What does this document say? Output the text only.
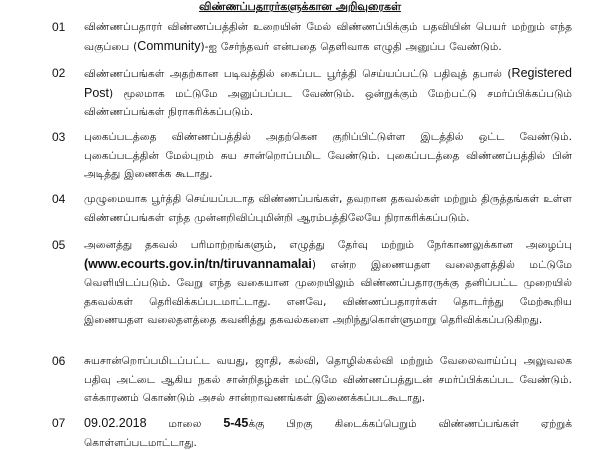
விண்ணப்பதாரர்களுக்கான அறிவுரைகள்
01 விண்ணப்பதாரர் விண்ணப்பத்தின் உறையின் மேல் விண்ணப்பிக்கும் பதவியின் பெயர் மற்றும் எந்த வகுப்பை (Community)-ஐ சேர்ந்தவர் என்பதை தெளிவாக எழுதி அனுப்ப வேண்டும்.
02 விண்ணப்பங்கள் அதற்கான படிவத்தில் கைப்பட பூர்த்தி செய்யப்பட்டு பதிவுத் தபால் (Registered Post) மூலமாக மட்டுமே அனுப்பப்பட வேண்டும். ஒன்றுக்கும் மேற்பட்டு சமர்ப்பிக்கப்படும் விண்ணப்பங்கள் நிராகரிக்கப்படும்.
03 புகைப்படத்தை விண்ணப்பத்தில் அதற்கென குறிப்பிட்டுள்ள இடத்தில் ஒட்ட வேண்டும். புகைப்படத்தின் மேல்புறம் சுய சான்றொப்பமிட வேண்டும். புகைப்படத்தை விண்ணப்பத்தில் பின் அடித்து இணைக்க கூடாது.
04 முழுமையாக பூர்த்தி செய்யப்படாத விண்ணப்பங்கள், தவறான தகவல்கள் மற்றும் திருத்தங்கள் உள்ள விண்ணப்பங்கள் எந்த முன்னறிவிப்புமின்றி ஆரம்பத்திலேயே நிராகரிக்கப்படும்.
05 அனைத்து தகவல் பரிமாற்றங்களும், எழுத்து தேர்வு மற்றும் நேர்காணலுக்கான அழைப்பு (www.ecourts.gov.in/tn/tiruvannamalai) என்ற இணையதள வலைதளத்தில் மட்டுமே வெளியிடப்படும். வேறு எந்த வகையான முறையிலும் விண்ணப்பதாரருக்கு தனிப்பட்ட முறையில் தகவல்கள் தெரிவிக்கப்படமாட்டாது. எனவே, விண்ணப்பதாரர்கள் தொடர்ந்து மேற்கூறிய இணையதள வலைதளத்தை கவனித்து தகவல்களை அறிந்துகொள்ளுமாறு தெரிவிக்கப்படுகிறது.
06 சுயசான்றொப்பமிடப்பட்ட வயது, ஜாதி, கல்வி, தொழில்கல்வி மற்றும் வேலைவாய்ப்பு அலுவலக பதிவு அட்டை ஆகிய நகல் சான்றிதழ்கள் மட்டுமே விண்ணப்பத்துடன் சமர்ப்பிக்கப்பட வேண்டும். எக்காரணம் கொண்டும் அசல் சான்றாவணங்கள் இணைக்கப்படகூடாது.
07 09.02.2018 மாலை 5-45க்கு பிறகு கிடைக்கப்பெறும் விண்ணப்பங்கள் ஏற்றுக் கொள்ளப்படமாட்டாது.
